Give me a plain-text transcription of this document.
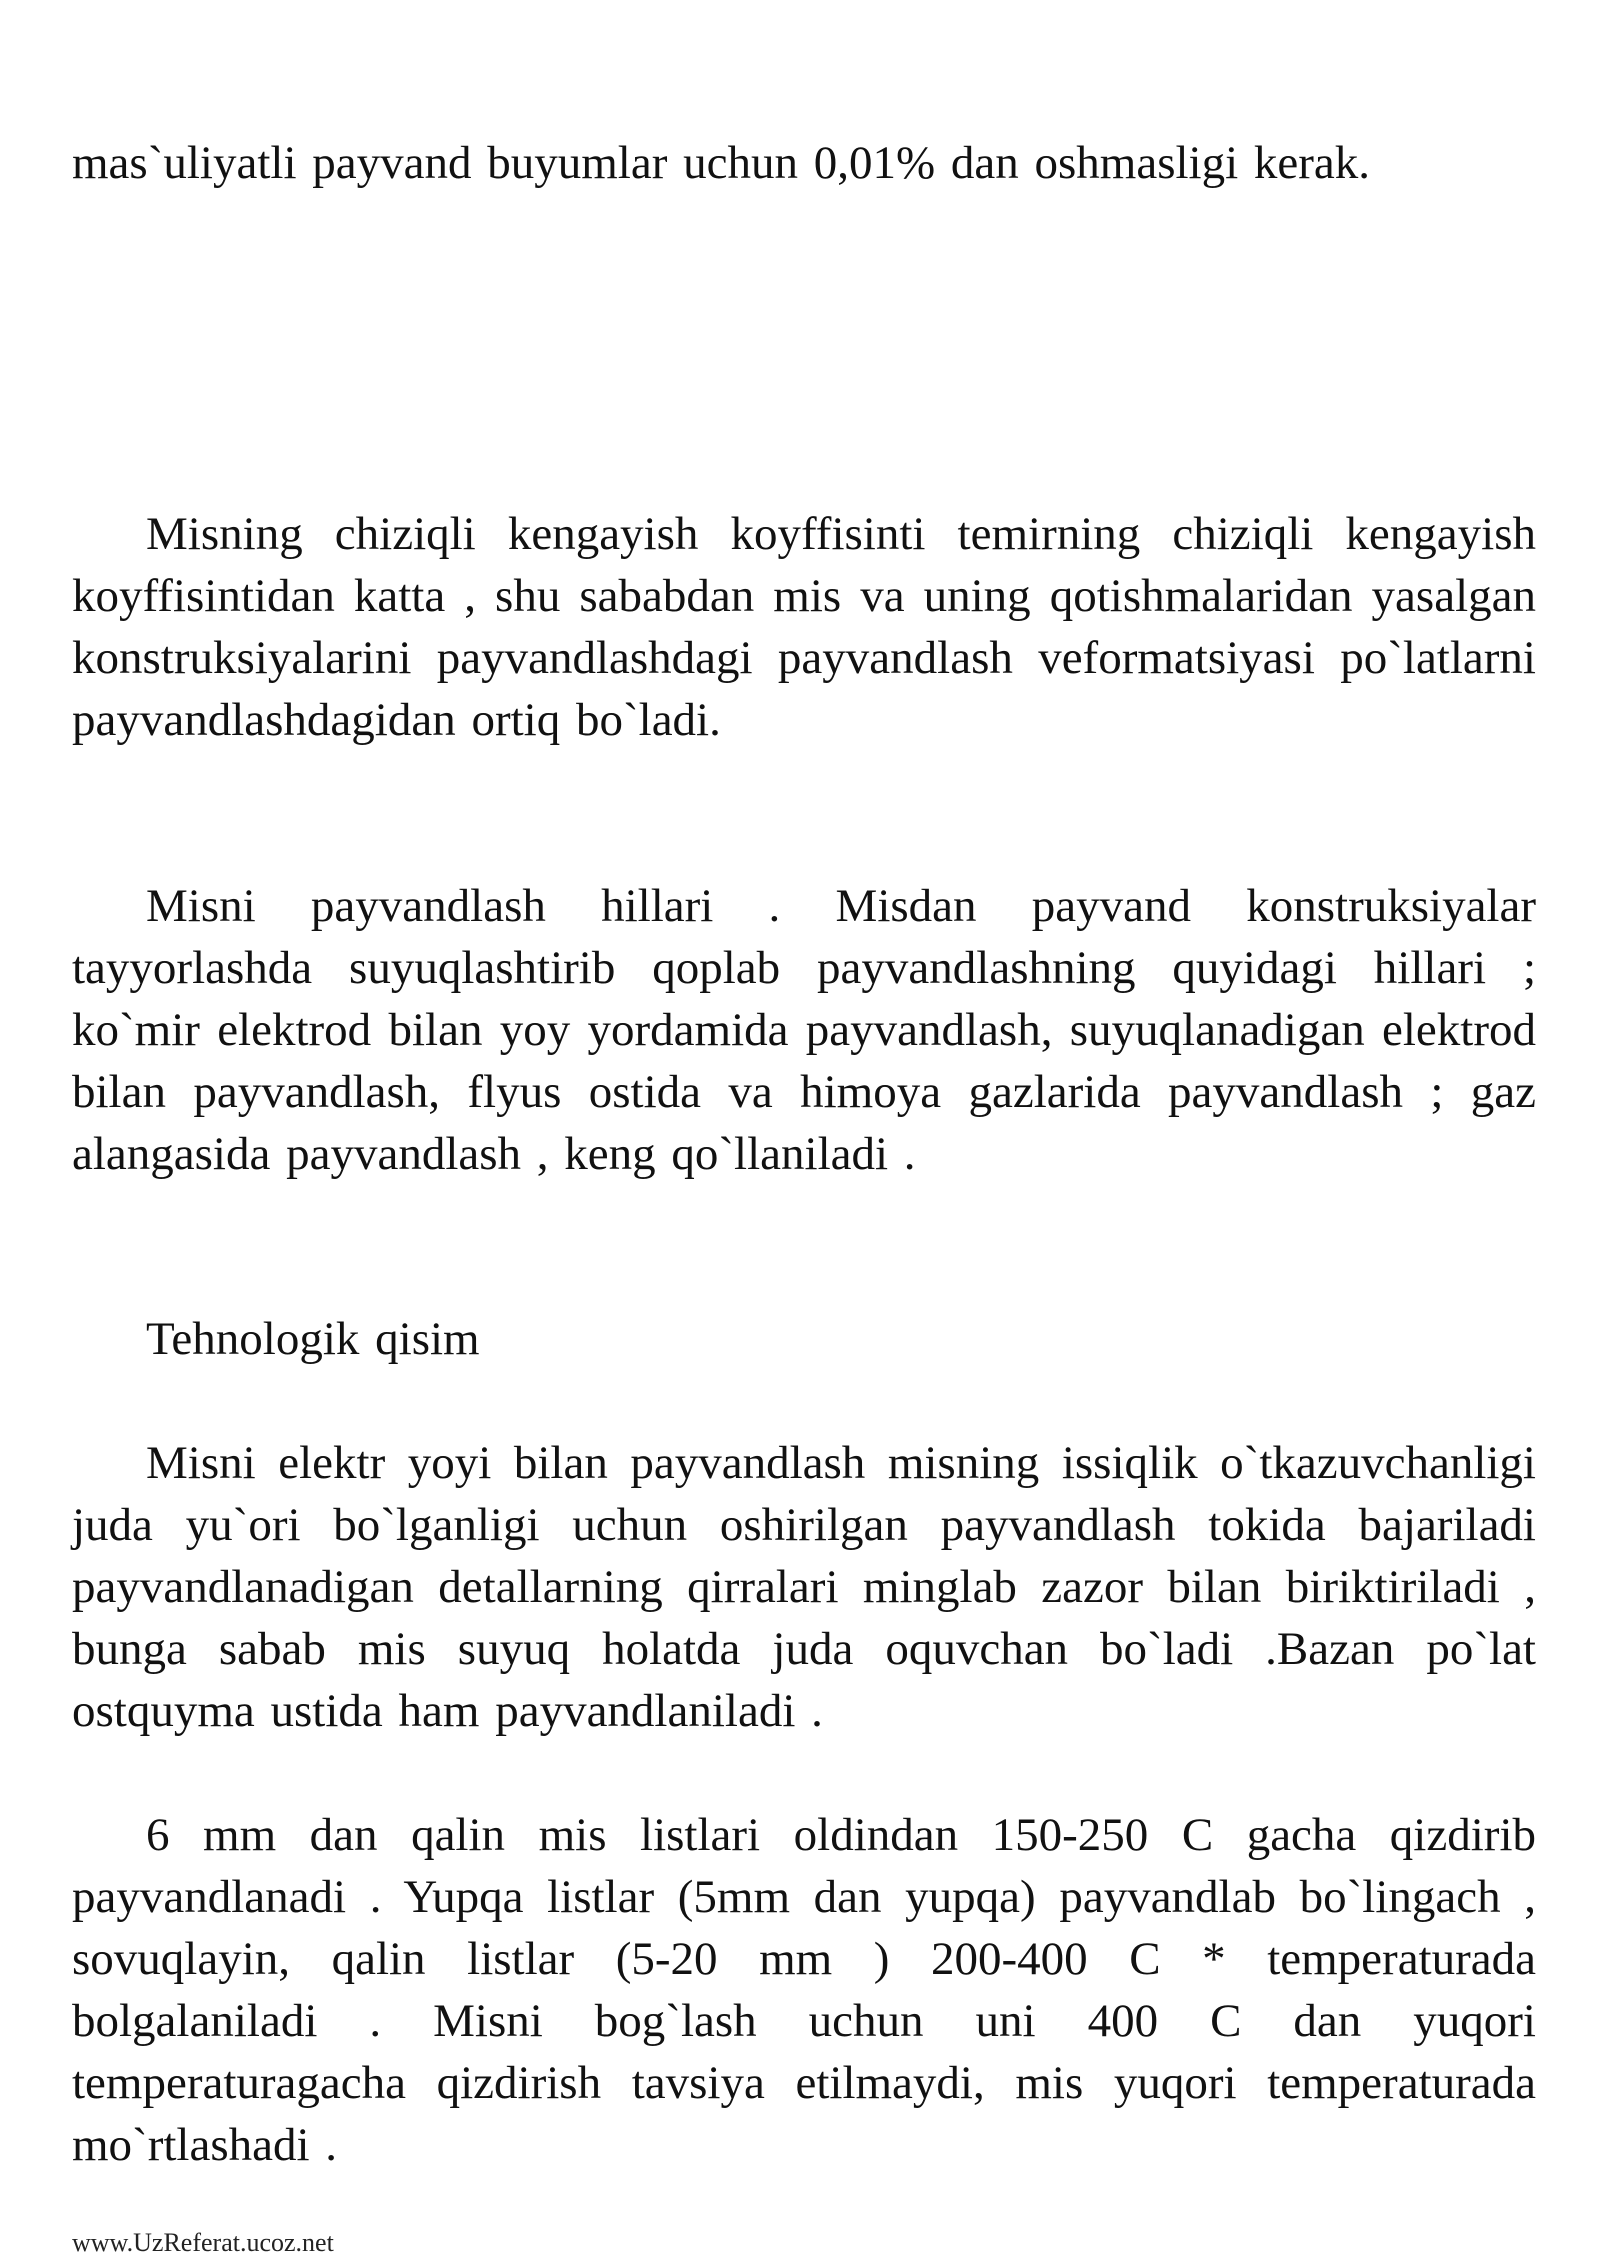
mas`uliyatli payvand buyumlar uchun 0,01% dan oshmasligi kerak.

Misning chiziqli kengayish koyffisinti temirning chiziqli kengayish koyffisintidan katta , shu sababdan mis va uning qotishmalaridan yasalgan konstruksiyalarini payvandlashdagi payvandlash veformatsiyasi po`latlarni payvandlashdagidan ortiq bo`ladi.

Misni payvandlash hillari . Misdan payvand konstruksiyalar tayyorlashda suyuqlashtirib qoplab payvandlashning quyidagi hillari ; ko`mir elektrod bilan yoy yordamida payvandlash, suyuqlanadigan elektrod bilan payvandlash, flyus ostida va himoya gazlarida payvandlash ; gaz alangasida payvandlash , keng qo`llaniladi .

Tehnologik qisim

Misni elektr yoyi bilan payvandlash misning issiqlik o`tkazuvchanligi juda yu`ori bo`lganligi uchun oshirilgan payvandlash tokida bajariladi payvandlanadigan detallarning qirralari minglab zazor bilan biriktiriladi , bunga sabab mis suyuq holatda juda oquvchan bo`ladi .Bazan po`lat ostquyma ustida ham payvandlaniladi .

6 mm dan qalin mis listlari oldindan 150-250 C gacha qizdirib payvandlanadi . Yupqa listlar (5mm dan yupqa) payvandlab bo`lingach , sovuqlayin, qalin listlar (5-20 mm ) 200-400 C * temperaturada bolgalaniladi . Misni bog`lash uchun uni 400 C dan yuqori temperaturagacha qizdirish tavsiya etilmaydi, mis yuqori temperaturada mo`rtlashadi .

www.UzReferat.ucoz.net
